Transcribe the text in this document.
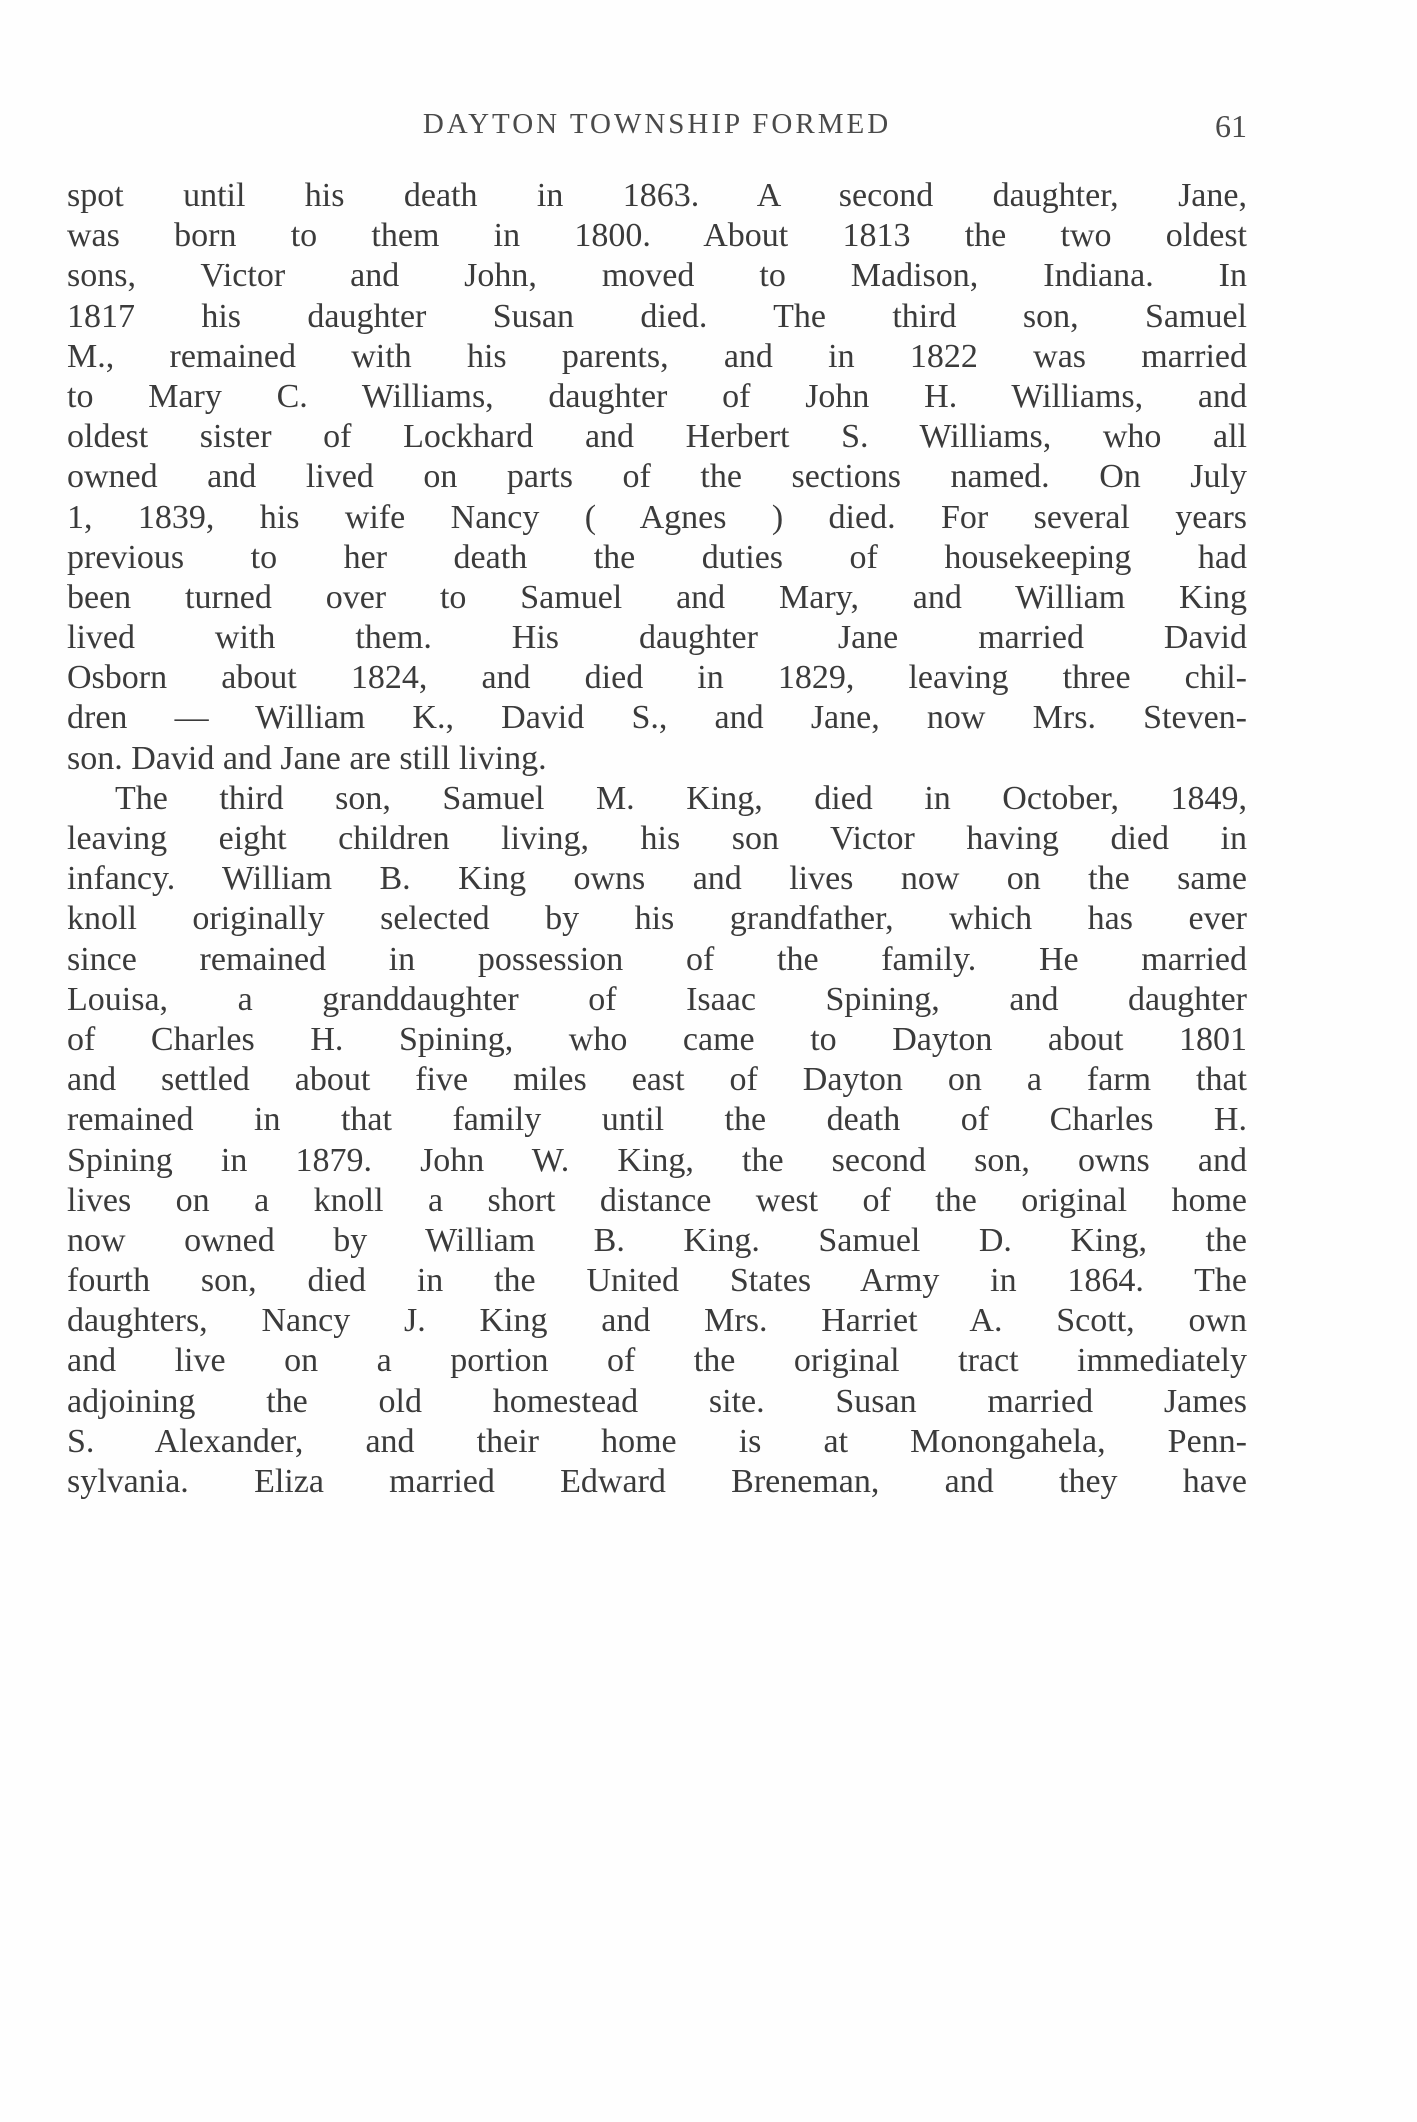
DAYTON TOWNSHIP FORMED	61
spot until his death in 1863. A second daughter, Jane,
was born to them in 1800. About 1813 the two oldest
sons, Victor and John, moved to Madison, Indiana. In
1817 his daughter Susan died. The third son, Samuel
M., remained with his parents, and in 1822 was married
to Mary C. Williams, daughter of John H. Williams, and
oldest sister of Lockhard and Herbert S. Williams, who all
owned and lived on parts of the sections named. On July
1, 1839, his wife Nancy ( Agnes ) died. For several years
previous to her death the duties of housekeeping had
been turned over to Samuel and Mary, and William King
lived with them. His daughter Jane married David
Osborn about 1824, and died in 1829, leaving three chil-
dren — William K., David S., and Jane, now Mrs. Steven-
son. David and Jane are still living.
The third son, Samuel M. King, died in October, 1849,
leaving eight children living, his son Victor having died in
infancy. William B. King owns and lives now on the same
knoll originally selected by his grandfather, which has ever
since remained in possession of the family. He married
Louisa, a granddaughter of Isaac Spining, and daughter
of Charles H. Spining, who came to Dayton about 1801
and settled about five miles east of Dayton on a farm that
remained in that family until the death of Charles H.
Spining in 1879. John W. King, the second son, owns and
lives on a knoll a short distance west of the original home
now owned by William B. King. Samuel D. King, the
fourth son, died in the United States Army in 1864. The
daughters, Nancy J. King and Mrs. Harriet A. Scott, own
and live on a portion of the original tract immediately
adjoining the old homestead site. Susan married James
S. Alexander, and their home is at Monongahela, Penn-
sylvania. Eliza married Edward Breneman, and they have
